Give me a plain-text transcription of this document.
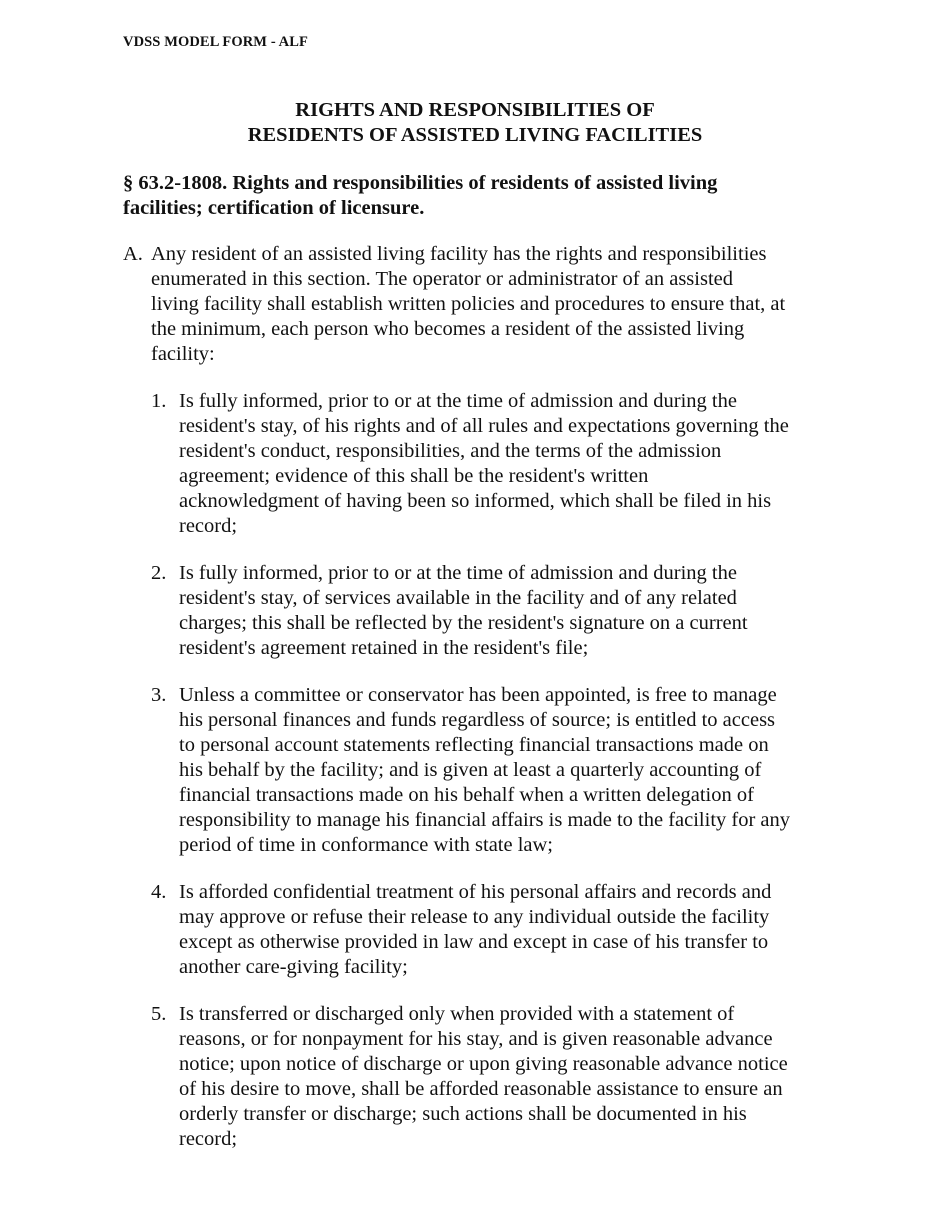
VDSS MODEL FORM - ALF
RIGHTS AND RESPONSIBILITIES OF
RESIDENTS OF ASSISTED LIVING FACILITIES
§ 63.2-1808. Rights and responsibilities of residents of assisted living
facilities; certification of licensure.
A. Any resident of an assisted living facility has the rights and responsibilities
enumerated in this section. The operator or administrator of an assisted
living facility shall establish written policies and procedures to ensure that, at
the minimum, each person who becomes a resident of the assisted living
facility:
1. Is fully informed, prior to or at the time of admission and during the
resident's stay, of his rights and of all rules and expectations governing the
resident's conduct, responsibilities, and the terms of the admission
agreement; evidence of this shall be the resident's written
acknowledgment of having been so informed, which shall be filed in his
record;
2. Is fully informed, prior to or at the time of admission and during the
resident's stay, of services available in the facility and of any related
charges; this shall be reflected by the resident's signature on a current
resident's agreement retained in the resident's file;
3. Unless a committee or conservator has been appointed, is free to manage
his personal finances and funds regardless of source; is entitled to access
to personal account statements reflecting financial transactions made on
his behalf by the facility; and is given at least a quarterly accounting of
financial transactions made on his behalf when a written delegation of
responsibility to manage his financial affairs is made to the facility for any
period of time in conformance with state law;
4. Is afforded confidential treatment of his personal affairs and records and
may approve or refuse their release to any individual outside the facility
except as otherwise provided in law and except in case of his transfer to
another care-giving facility;
5. Is transferred or discharged only when provided with a statement of
reasons, or for nonpayment for his stay, and is given reasonable advance
notice; upon notice of discharge or upon giving reasonable advance notice
of his desire to move, shall be afforded reasonable assistance to ensure an
orderly transfer or discharge; such actions shall be documented in his
record;
